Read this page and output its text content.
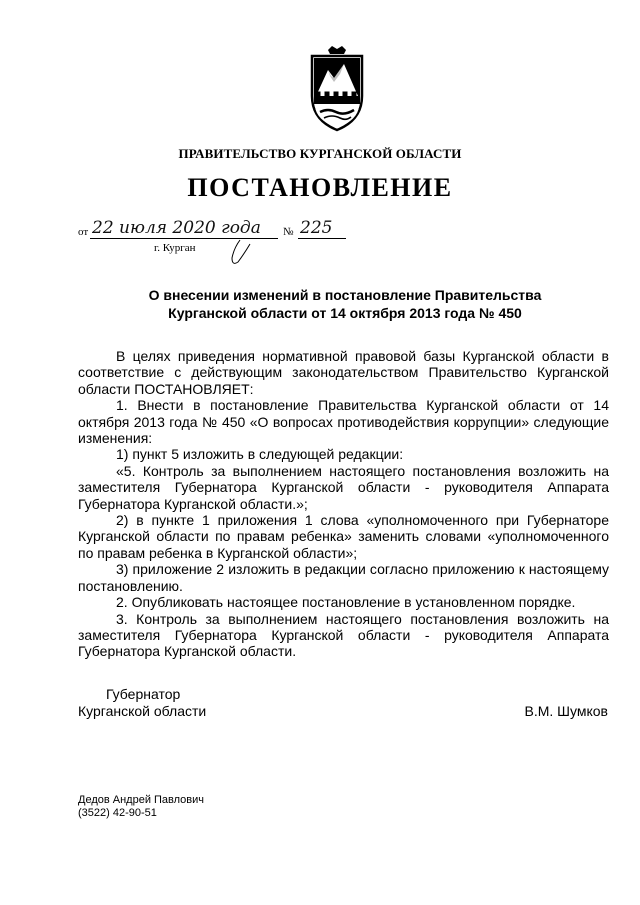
ПРАВИТЕЛЬСТВО КУРГАНСКОЙ ОБЛАСТИ
ПОСТАНОВЛЕНИЕ
от 22 июля 2020 года № 225
г. Курган
О внесении изменений в постановление Правительства
Курганской области от 14 октября 2013 года № 450

В целях приведения нормативной правовой базы Курганской области в соответствие с действующим законодательством Правительство Курганской области ПОСТАНОВЛЯЕТ:

1. Внести в постановление Правительства Курганской области от 14 октября 2013 года № 450 «О вопросах противодействия коррупции» следующие изменения:

1) пункт 5 изложить в следующей редакции:

«5. Контроль за выполнением настоящего постановления возложить на заместителя Губернатора Курганской области - руководителя Аппарата Губернатора Курганской области.»;

2) в пункте 1 приложения 1 слова «уполномоченного при Губернаторе Курганской области по правам ребенка» заменить словами «уполномоченного по правам ребенка в Курганской области»;

3) приложение 2 изложить в редакции согласно приложению к настоящему постановлению.

2. Опубликовать настоящее постановление в установленном порядке.

3. Контроль за выполнением настоящего постановления возложить на заместителя Губернатора Курганской области - руководителя Аппарата Губернатора Курганской области.

Губернатор
Курганской области	В.М. Шумков
Дедов Андрей Павлович
(3522) 42-90-51
